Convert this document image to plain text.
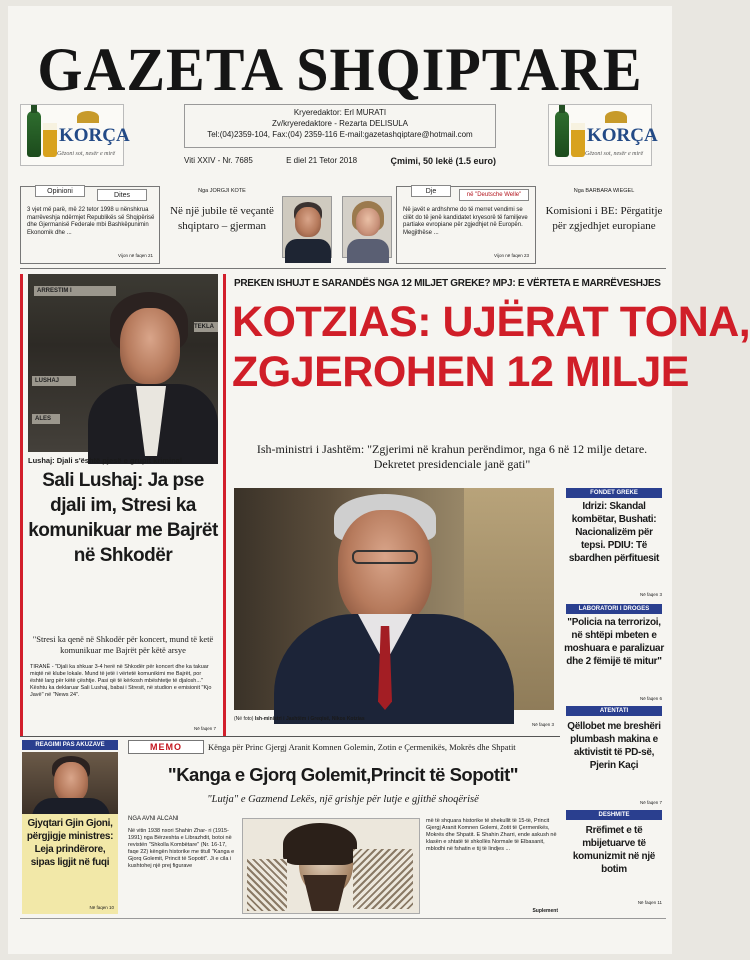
GAZETA SHQIPTARE
KORÇA
Gëzoni sot, nesër e mirë
Kryeredaktor: Erl MURATI
Zv/kryeredaktore - Rezarta DELISULA
Tel:(04)2359-104, Fax:(04) 2359-116 E-mail:gazetashqiptare@hotmail.com
Viti XXIV - Nr. 7685	E diel 21 Tetor 2018	Çmimi, 50 lekë (1.5 euro)
KORÇA
Gëzoni sot, nesër e mirë
Opinioni
Dites
3 vjet më parë, më 22 tetor 1998 u nënshkrua marrëveshja ndërmjet Republikës së Shqipërisë dhe Gjermanisë Federale mbi Bashkëpunimin Ekonomik dhe ...
Vijon në faqen 21
Nga JORGJI KOTE
Në një jubile të veçantë shqiptaro – gjerman
Dje	në "Deutsche Welle"
Në javët e ardhshme do të merret vendimi se cilët do të jenë kandidatet kryesorë të familjeve partiake evropiane për zgjedhjet në Europën. Megjithëse ...
Vijon në faqen 23
Nga BARBARA WIEGEL
Komisioni i BE: Përgatitje për zgjedhjet europiane
ARRESTIM I
TEKLA
LUSHAJ
ALES
Lushaj: Djali s'është pjesë e grupit kriminal
Sali Lushaj: Ja pse djali im, Stresi ka komunikuar me Bajrët në Shkodër
"Stresi ka qenë në Shkodër për koncert, mund të ketë komunikuar me Bajrët për këtë arsye
TIRANË - "Djali ka shkuar 3-4 herë në Shkodër për koncert dhe ka takuar miqtë në klube lokale. Mund të jetë i vërtetë komunikimi me Bajrët, por është larg për këtë çështje. Pasi që të kërkosh mbështetje të djalosh..." Kështu ka deklaruar Sali Lushaj, babai i Stresit, në studion e emisionit "Kjo Javë" në "News 24".
Në faqen 7
PREKEN ISHUJT E SARANDËS NGA 12 MILJET GREKE? MPJ: E VËRTETA E MARRËVESHJES
KOTZIAS: UJËRAT TONA,
ZGJEROHEN 12 MILJE
Ish-ministri i Jashtëm: "Zgjerimi në krahun perëndimor, nga 6 në 12 milje detare. Dekretet presidenciale janë gati"
(Në foto) Ish-ministri i Jashtëm i Greqisë, Nikos Kotzias
Në faqen 3
FONDET GREKE
Idrizi: Skandal kombëtar, Bushati: Nacionalizëm për tepsi. PDIU: Të sbardhen përfituesit
Në faqen 3
LABORATORI I DROGES
"Policia na terrorizoi, në shtëpi mbeten e moshuara e paralizuar dhe 2 fëmijë të mitur"
Në faqen 6
ATENTATI
Qëllobet me breshëri plumbash makina e aktivistit të PD-së, Pjerin Kaçi
Në faqen 7
DESHMITE
Rrëfimet e të mbijetuarve të komunizmit në një botim
Në faqen 11
REAGIMI PAS AKUZAVE
Gjyqtari Gjin Gjoni, përgjigje ministres: Leja prindërore, sipas ligjit në fuqi
Në faqen 10
MEMO	Kënga për Princ Gjergj Aranit Komnen Golemin, Zotin e Çermenikës, Mokrës dhe Shpatit
"Kanga e Gjorq Golemit,Princit të Sopotit"
"Lutja" e Gazmend Lekës, një grishje për lutje e gjithë shoqërisë
NGA AVNI ALCANI
Në vitin 1938 nxori Shahin Zhar- ri (1915-1991) nga Bërzeshta e Librazhdit, botoi në revistën "Shkolla Kombëtare" (Nr. 16-17, faqe 22) këngën historike me titull "Kanga e Gjorq Golemit, Princit të Sopotit". Ji e cila i kushtohej një prej figurave
më të shquara historike të shekullit të 15-të, Princit Gjergj Aranit Komnen Golemi, Zotit të Çermenikës, Mokrës dhe Shpatit. E Shahin Zharri, ende askush në klasën e shtatë të shkollës Normale të Elbasanit, mblodhi në fshatin e tij të lindjes ...
Suplement
